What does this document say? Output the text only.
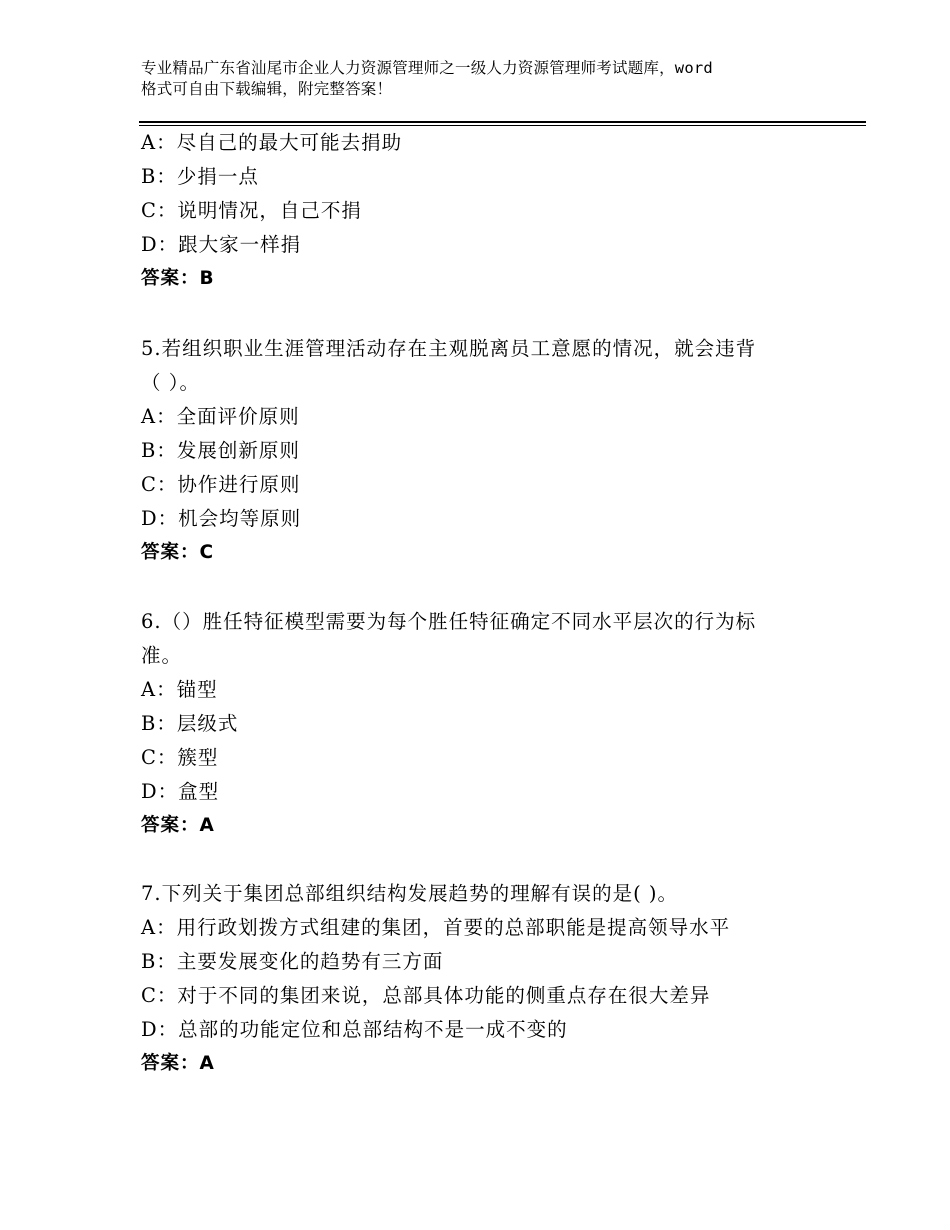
专业精品广东省汕尾市企业人力资源管理师之一级人力资源管理师考试题库，word
格式可自由下载编辑，附完整答案！
A：尽自己的最大可能去捐助
B：少捐一点
C：说明情况，自己不捐
D：跟大家一样捐
答案：B
5.若组织职业生涯管理活动存在主观脱离员工意愿的情况，就会违背
（ ）。
A：全面评价原则
B：发展创新原则
C：协作进行原则
D：机会均等原则
答案：C
6.（）胜任特征模型需要为每个胜任特征确定不同水平层次的行为标
准。
A：锚型
B：层级式
C：簇型
D：盒型
答案：A
7.下列关于集团总部组织结构发展趋势的理解有误的是( )。
A：用行政划拨方式组建的集团，首要的总部职能是提高领导水平
B：主要发展变化的趋势有三方面
C：对于不同的集团来说，总部具体功能的侧重点存在很大差异
D：总部的功能定位和总部结构不是一成不变的
答案：A
